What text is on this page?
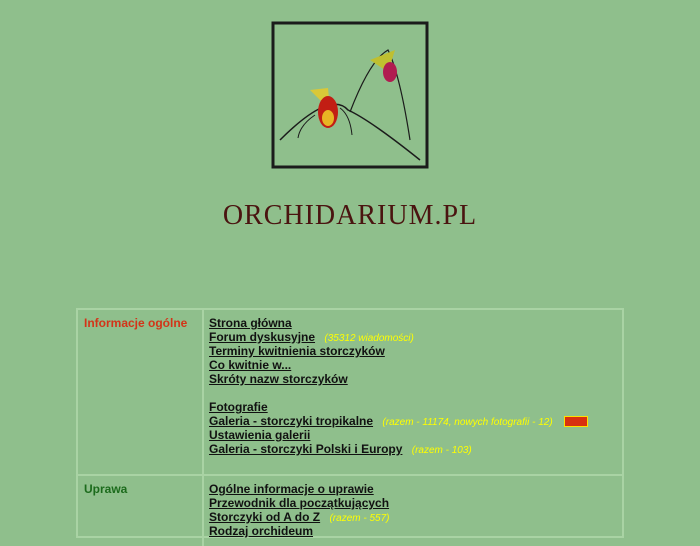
ORCHIDARIUM.PL
Informacje ogólne	Strona główna
Forum dyskusyjne (35312 wiadomości)
Terminy kwitnienia storczyków
Co kwitnie w...
Skróty nazw storczyków
Fotografie
Galeria - storczyki tropikalne (razem - 11174, nowych fotografii - 12)
Ustawienia galerii
Galeria - storczyki Polski i Europy (razem - 103)
Uprawa	Ogólne informacje o uprawie
Przewodnik dla początkujących
Storczyki od A do Z (razem - 557)
Rodzaj orchideum
